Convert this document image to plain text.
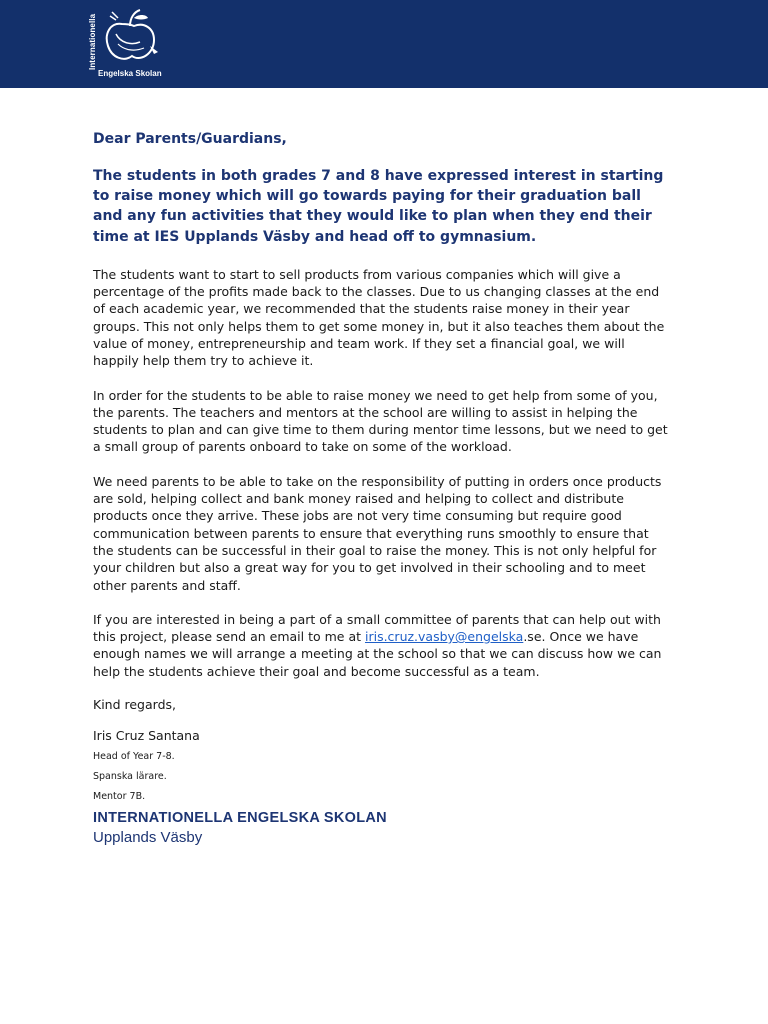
Internationella
Engelska Skolan

Dear Parents/Guardians,

The students in both grades 7 and 8 have expressed interest in starting to raise money which will go towards paying for their graduation ball and any fun activities that they would like to plan when they end their time at IES Upplands Väsby and head off to gymnasium.

The students want to start to sell products from various companies which will give a percentage of the profits made back to the classes. Due to us changing classes at the end of each academic year, we recommended that the students raise money in their year groups. This not only helps them to get some money in, but it also teaches them about the value of money, entrepreneurship and team work. If they set a financial goal, we will happily help them try to achieve it.

In order for the students to be able to raise money we need to get help from some of you, the parents. The teachers and mentors at the school are willing to assist in helping the students to plan and can give time to them during mentor time lessons, but we need to get a small group of parents onboard to take on some of the workload.

We need parents to be able to take on the responsibility of putting in orders once products are sold, helping collect and bank money raised and helping to collect and distribute products once they arrive. These jobs are not very time consuming but require good communication between parents to ensure that everything runs smoothly to ensure that the students can be successful in their goal to raise the money. This is not only helpful for your children but also a great way for you to get involved in their schooling and to meet other parents and staff.

If you are interested in being a part of a small committee of parents that can help out with this project, please send an email to me at iris.cruz.vasby@engelska.se. Once we have enough names we will arrange a meeting at the school so that we can discuss how we can help the students achieve their goal and become successful as a team.

Kind regards,

Iris Cruz Santana

Head of Year 7-8.

Spanska lärare.

Mentor 7B.

INTERNATIONELLA ENGELSKA SKOLAN

Upplands Väsby
